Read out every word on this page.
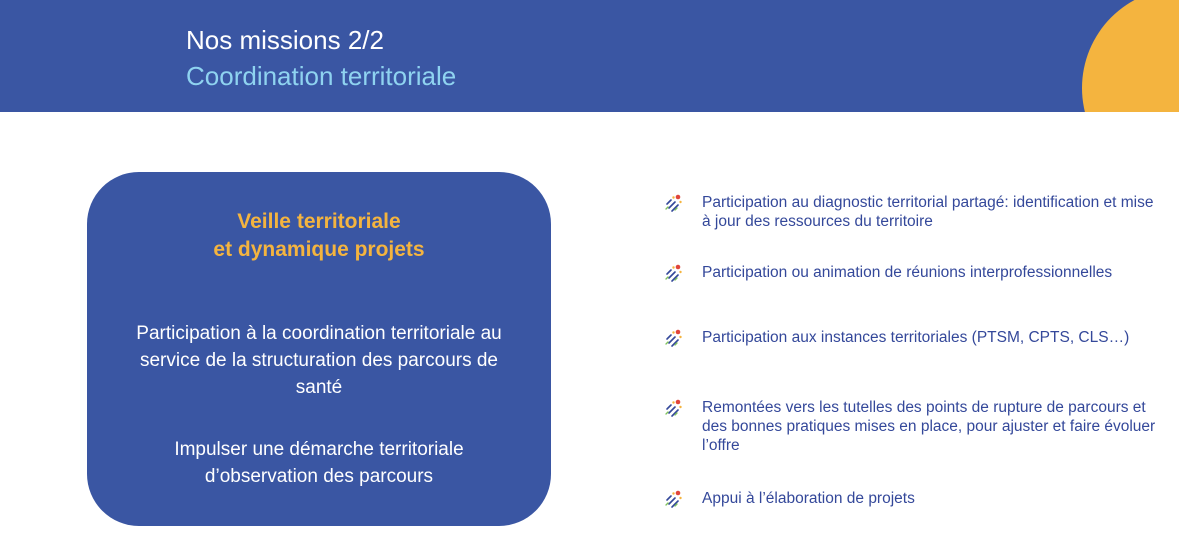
Nos missions 2/2
Coordination territoriale
Veille territoriale
et dynamique projets

Participation à la coordination territoriale au service de la structuration des parcours de santé

Impulser une démarche territoriale d’observation des parcours

Participation au diagnostic territorial partagé: identification et mise à jour des ressources du territoire

Participation ou animation de réunions interprofessionnelles

Participation aux instances territoriales (PTSM, CPTS, CLS…)

Remontées vers les tutelles des points de rupture de parcours et des bonnes pratiques mises en place, pour ajuster et faire évoluer l’offre

Appui à l’élaboration de projets
